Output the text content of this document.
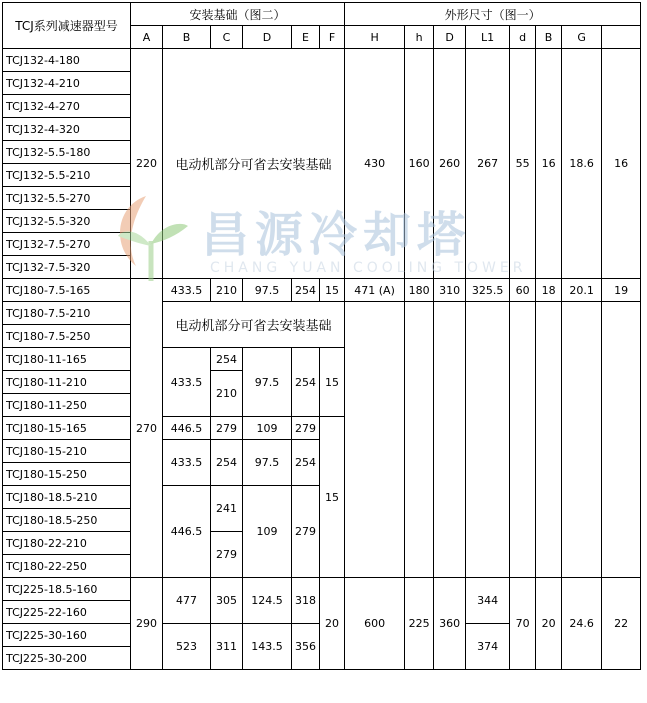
TCJ系列减速器型号	安装基础（图二）						外形尺寸（图一）							
	A	B	C	D	E	F	H	h	D	L1	d	B	G	
TCJ132-4-180	220	电动机部分可省去安装基础					430	160	260	267	55	16	18.6	16
TCJ132-4-210														
TCJ132-4-270														
TCJ132-4-320														
TCJ132-5.5-180														
TCJ132-5.5-210														
TCJ132-5.5-270														
TCJ132-5.5-320														
TCJ132-7.5-270														
TCJ132-7.5-320														
TCJ180-7.5-165	270	433.5	210	97.5	254	15	471 (A)	180	310	325.5	60	18	20.1	19
TCJ180-7.5-210		电动机部分可省去安装基础												
TCJ180-7.5-250														
TCJ180-11-165		433.5	254	97.5	254	15								
TCJ180-11-210			210											
TCJ180-11-250														
TCJ180-15-165		446.5	279	109	279	15								
TCJ180-15-210		433.5	254	97.5	254									
TCJ180-15-250														
TCJ180-18.5-210		446.5	241	109	279									
TCJ180-18.5-250														
TCJ180-22-210			279											
TCJ180-22-250														
TCJ225-18.5-160	290	477	305	124.5	318	20	600	225	360	344	70	20	24.6	22
TCJ225-22-160														
TCJ225-30-160		523	311	143.5	356					374				
TCJ225-30-200														
昌源冷却塔
CHANG YUAN COOLING TOWER
